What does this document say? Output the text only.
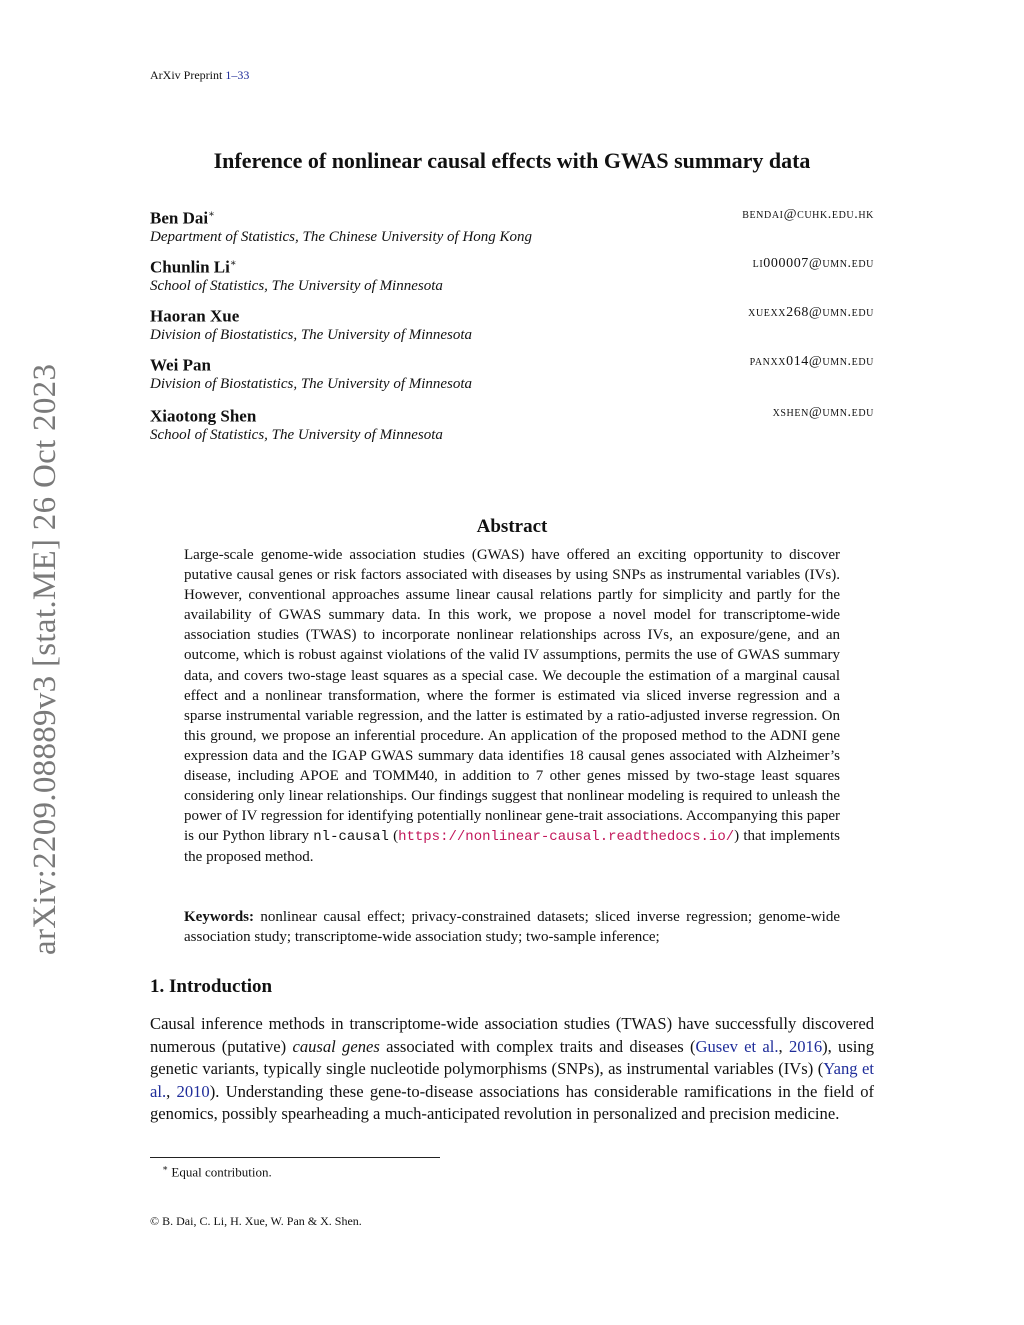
ArXiv Preprint 1–33
arXiv:2209.08889v3 [stat.ME] 26 Oct 2023
Inference of nonlinear causal effects with GWAS summary data
Ben Dai∗	bendai@cuhk.edu.hk
Department of Statistics, The Chinese University of Hong Kong
Chunlin Li∗	li000007@umn.edu
School of Statistics, The University of Minnesota
Haoran Xue	xuexx268@umn.edu
Division of Biostatistics, The University of Minnesota
Wei Pan	panxx014@umn.edu
Division of Biostatistics, The University of Minnesota
Xiaotong Shen	xshen@umn.edu
School of Statistics, The University of Minnesota
Abstract
Large-scale genome-wide association studies (GWAS) have offered an exciting opportunity to discover putative causal genes or risk factors associated with diseases by using SNPs as instrumental variables (IVs). However, conventional approaches assume linear causal relations partly for simplicity and partly for the availability of GWAS summary data. In this work, we propose a novel model for transcriptome-wide association studies (TWAS) to incorporate nonlinear relationships across IVs, an exposure/gene, and an outcome, which is robust against violations of the valid IV assumptions, permits the use of GWAS summary data, and covers two-stage least squares as a special case. We decouple the estimation of a marginal causal effect and a nonlinear transformation, where the former is estimated via sliced inverse regression and a sparse instrumental variable regression, and the latter is estimated by a ratio-adjusted inverse regression. On this ground, we propose an inferential procedure. An application of the proposed method to the ADNI gene expression data and the IGAP GWAS summary data identifies 18 causal genes associated with Alzheimer’s disease, including APOE and TOMM40, in addition to 7 other genes missed by two-stage least squares considering only linear relationships. Our findings suggest that nonlinear modeling is required to unleash the power of IV regression for identifying potentially nonlinear gene-trait associations. Accompanying this paper is our Python library nl-causal (https://nonlinear-causal.readthedocs.io/) that implements the proposed method.
Keywords: nonlinear causal effect; privacy-constrained datasets; sliced inverse regression; genome-wide association study; transcriptome-wide association study; two-sample inference;
1. Introduction
Causal inference methods in transcriptome-wide association studies (TWAS) have successfully discovered numerous (putative) causal genes associated with complex traits and diseases (Gusev et al., 2016), using genetic variants, typically single nucleotide polymorphisms (SNPs), as instrumental variables (IVs) (Yang et al., 2010). Understanding these gene-to-disease associations has considerable ramifications in the field of genomics, possibly spearheading a much-anticipated revolution in personalized and precision medicine.
∗ Equal contribution.
© B. Dai, C. Li, H. Xue, W. Pan & X. Shen.
